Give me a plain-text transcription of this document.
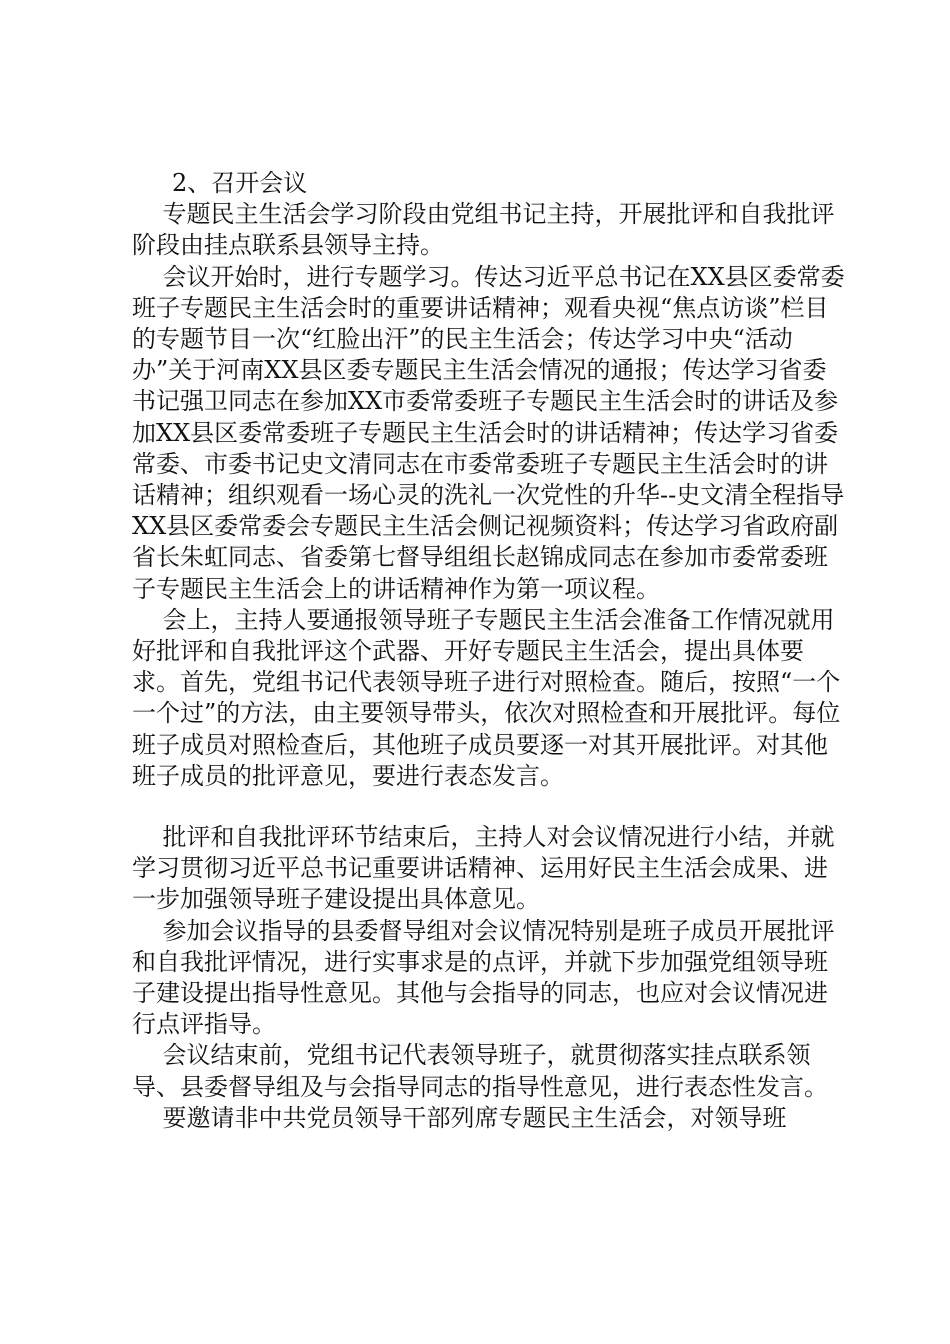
2、召开会议

专题民主生活会学习阶段由党组书记主持，开展批评和自我批评阶段由挂点联系县领导主持。

会议开始时，进行专题学习。传达习近平总书记在XX县区委常委班子专题民主生活会时的重要讲话精神；观看央视“焦点访谈”栏目的专题节目一次“红脸出汗”的民主生活会；传达学习中央“活动办”关于河南XX县区委专题民主生活会情况的通报；传达学习省委书记强卫同志在参加XX市委常委班子专题民主生活会时的讲话及参加XX县区委常委班子专题民主生活会时的讲话精神；传达学习省委常委、市委书记史文清同志在市委常委班子专题民主生活会时的讲话精神；组织观看一场心灵的洗礼一次党性的升华--史文清全程指导XX县区委常委会专题民主生活会侧记视频资料；传达学习省政府副省长朱虹同志、省委第七督导组组长赵锦成同志在参加市委常委班子专题民主生活会上的讲话精神作为第一项议程。

会上，主持人要通报领导班子专题民主生活会准备工作情况就用好批评和自我批评这个武器、开好专题民主生活会，提出具体要求。首先，党组书记代表领导班子进行对照检查。随后，按照“一个一个过”的方法，由主要领导带头，依次对照检查和开展批评。每位班子成员对照检查后，其他班子成员要逐一对其开展批评。对其他班子成员的批评意见，要进行表态发言。

批评和自我批评环节结束后，主持人对会议情况进行小结，并就学习贯彻习近平总书记重要讲话精神、运用好民主生活会成果、进一步加强领导班子建设提出具体意见。

参加会议指导的县委督导组对会议情况特别是班子成员开展批评和自我批评情况，进行实事求是的点评，并就下步加强党组领导班子建设提出指导性意见。其他与会指导的同志，也应对会议情况进行点评指导。

会议结束前，党组书记代表领导班子，就贯彻落实挂点联系领导、县委督导组及与会指导同志的指导性意见，进行表态性发言。

要邀请非中共党员领导干部列席专题民主生活会，对领导班
